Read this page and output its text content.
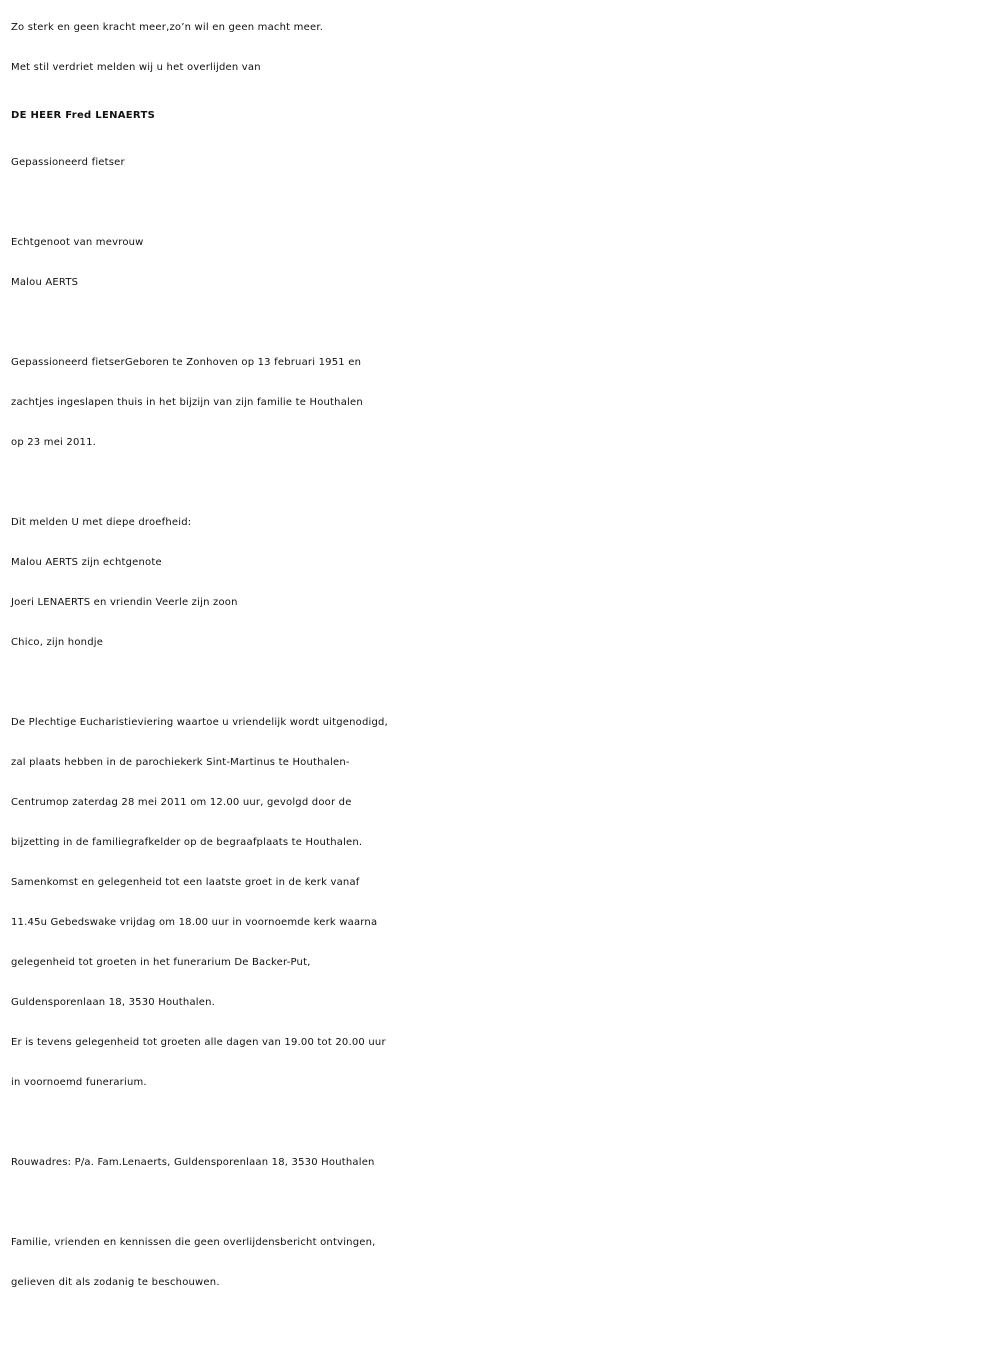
Zo sterk en geen kracht meer,zo’n wil en geen macht meer.
Met stil verdriet melden wij u het overlijden van
DE HEER Fred LENAERTS
Gepassioneerd fietser
Echtgenoot van mevrouw
Malou AERTS
Gepassioneerd fietserGeboren te Zonhoven op 13 februari 1951 en
zachtjes ingeslapen thuis in het bijzijn van zijn familie te Houthalen
op 23 mei 2011.
Dit melden U met diepe droefheid:
Malou AERTS zijn echtgenote
Joeri LENAERTS en vriendin Veerle zijn zoon
Chico, zijn hondje
De Plechtige Eucharistieviering waartoe u vriendelijk wordt uitgenodigd,
zal plaats hebben in de parochiekerk Sint-Martinus te Houthalen-
Centrumop zaterdag 28 mei 2011 om 12.00 uur, gevolgd door de
bijzetting in de familiegrafkelder op de begraafplaats te Houthalen.
Samenkomst en gelegenheid tot een laatste groet in de kerk vanaf
11.45u Gebedswake vrijdag om 18.00 uur in voornoemde kerk waarna
gelegenheid tot groeten in het funerarium De Backer-Put,
Guldensporenlaan 18, 3530 Houthalen.
Er is tevens gelegenheid tot groeten alle dagen van 19.00 tot 20.00 uur
in voornoemd funerarium.
Rouwadres: P/a. Fam.Lenaerts, Guldensporenlaan 18, 3530 Houthalen
Familie, vrienden en kennissen die geen overlijdensbericht ontvingen,
gelieven dit als zodanig te beschouwen.
